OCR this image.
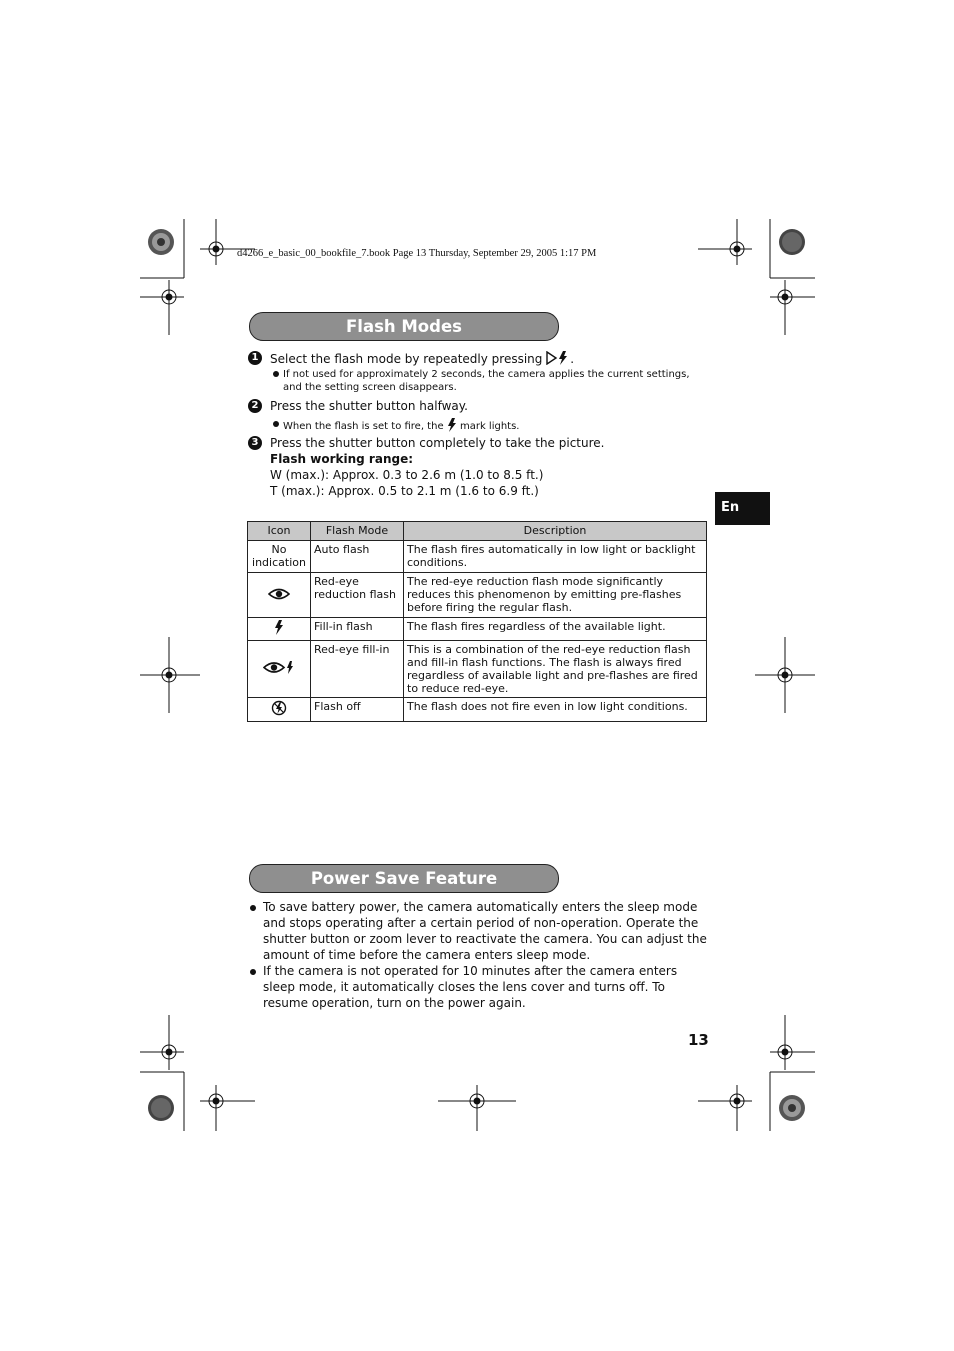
d4266_e_basic_00_bookfile_7.book Page 13 Thursday, September 29, 2005 1:17 PM
Flash Modes
1 Select the flash mode by repeatedly pressing .
If not used for approximately 2 seconds, the camera applies the current settings, and the setting screen disappears.
2 Press the shutter button halfway.
When the flash is set to fire, the mark lights.
3 Press the shutter button completely to take the picture.
Flash working range:
W (max.): Approx. 0.3 to 2.6 m (1.0 to 8.5 ft.)
T (max.): Approx. 0.5 to 2.1 m (1.6 to 6.9 ft.)
En
Icon	Flash Mode	Description
No indication	Auto flash	The flash fires automatically in low light or backlight conditions.
	Red-eye reduction flash	The red-eye reduction flash mode significantly reduces this phenomenon by emitting pre-flashes before firing the regular flash.
	Fill-in flash	The flash fires regardless of the available light.
	Red-eye fill-in	This is a combination of the red-eye reduction flash and fill-in flash functions. The flash is always fired regardless of available light and pre-flashes are fired to reduce red-eye.
	Flash off	The flash does not fire even in low light conditions.
Power Save Feature
To save battery power, the camera automatically enters the sleep mode and stops operating after a certain period of non-operation. Operate the shutter button or zoom lever to reactivate the camera. You can adjust the amount of time before the camera enters sleep mode.
If the camera is not operated for 10 minutes after the camera enters sleep mode, it automatically closes the lens cover and turns off. To resume operation, turn on the power again.
13
